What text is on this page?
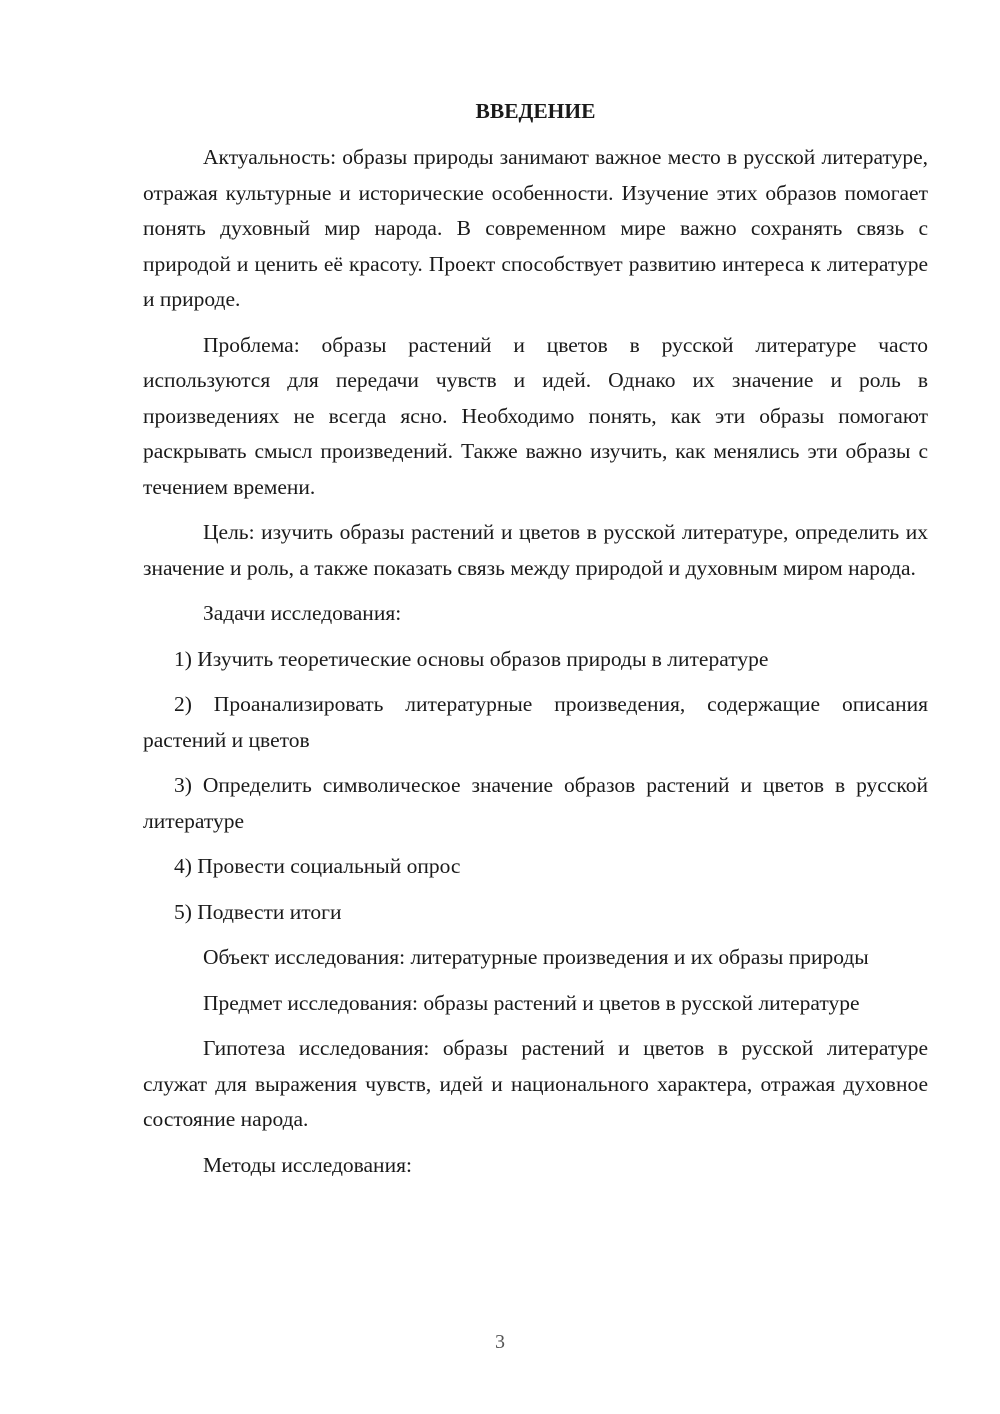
ВВЕДЕНИЕ

Актуальность: образы природы занимают важное место в русской литературе, отражая культурные и исторические особенности. Изучение этих образов помогает понять духовный мир народа. В современном мире важно сохранять связь с природой и ценить её красоту. Проект способствует развитию интереса к литературе и природе.

Проблема: образы растений и цветов в русской литературе часто используются для передачи чувств и идей. Однако их значение и роль в произведениях не всегда ясно. Необходимо понять, как эти образы помогают раскрывать смысл произведений. Также важно изучить, как менялись эти образы с течением времени.

Цель: изучить образы растений и цветов в русской литературе, определить их значение и роль, а также показать связь между природой и духовным миром народа.

Задачи исследования:

1) Изучить теоретические основы образов природы в литературе

2) Проанализировать литературные произведения, содержащие описания растений и цветов

3) Определить символическое значение образов растений и цветов в русской литературе

4) Провести социальный опрос

5) Подвести итоги

Объект исследования: литературные произведения и их образы природы

Предмет исследования: образы растений и цветов в русской литературе

Гипотеза исследования: образы растений и цветов в русской литературе служат для выражения чувств, идей и национального характера, отражая духовное состояние народа.

Методы исследования:

3
